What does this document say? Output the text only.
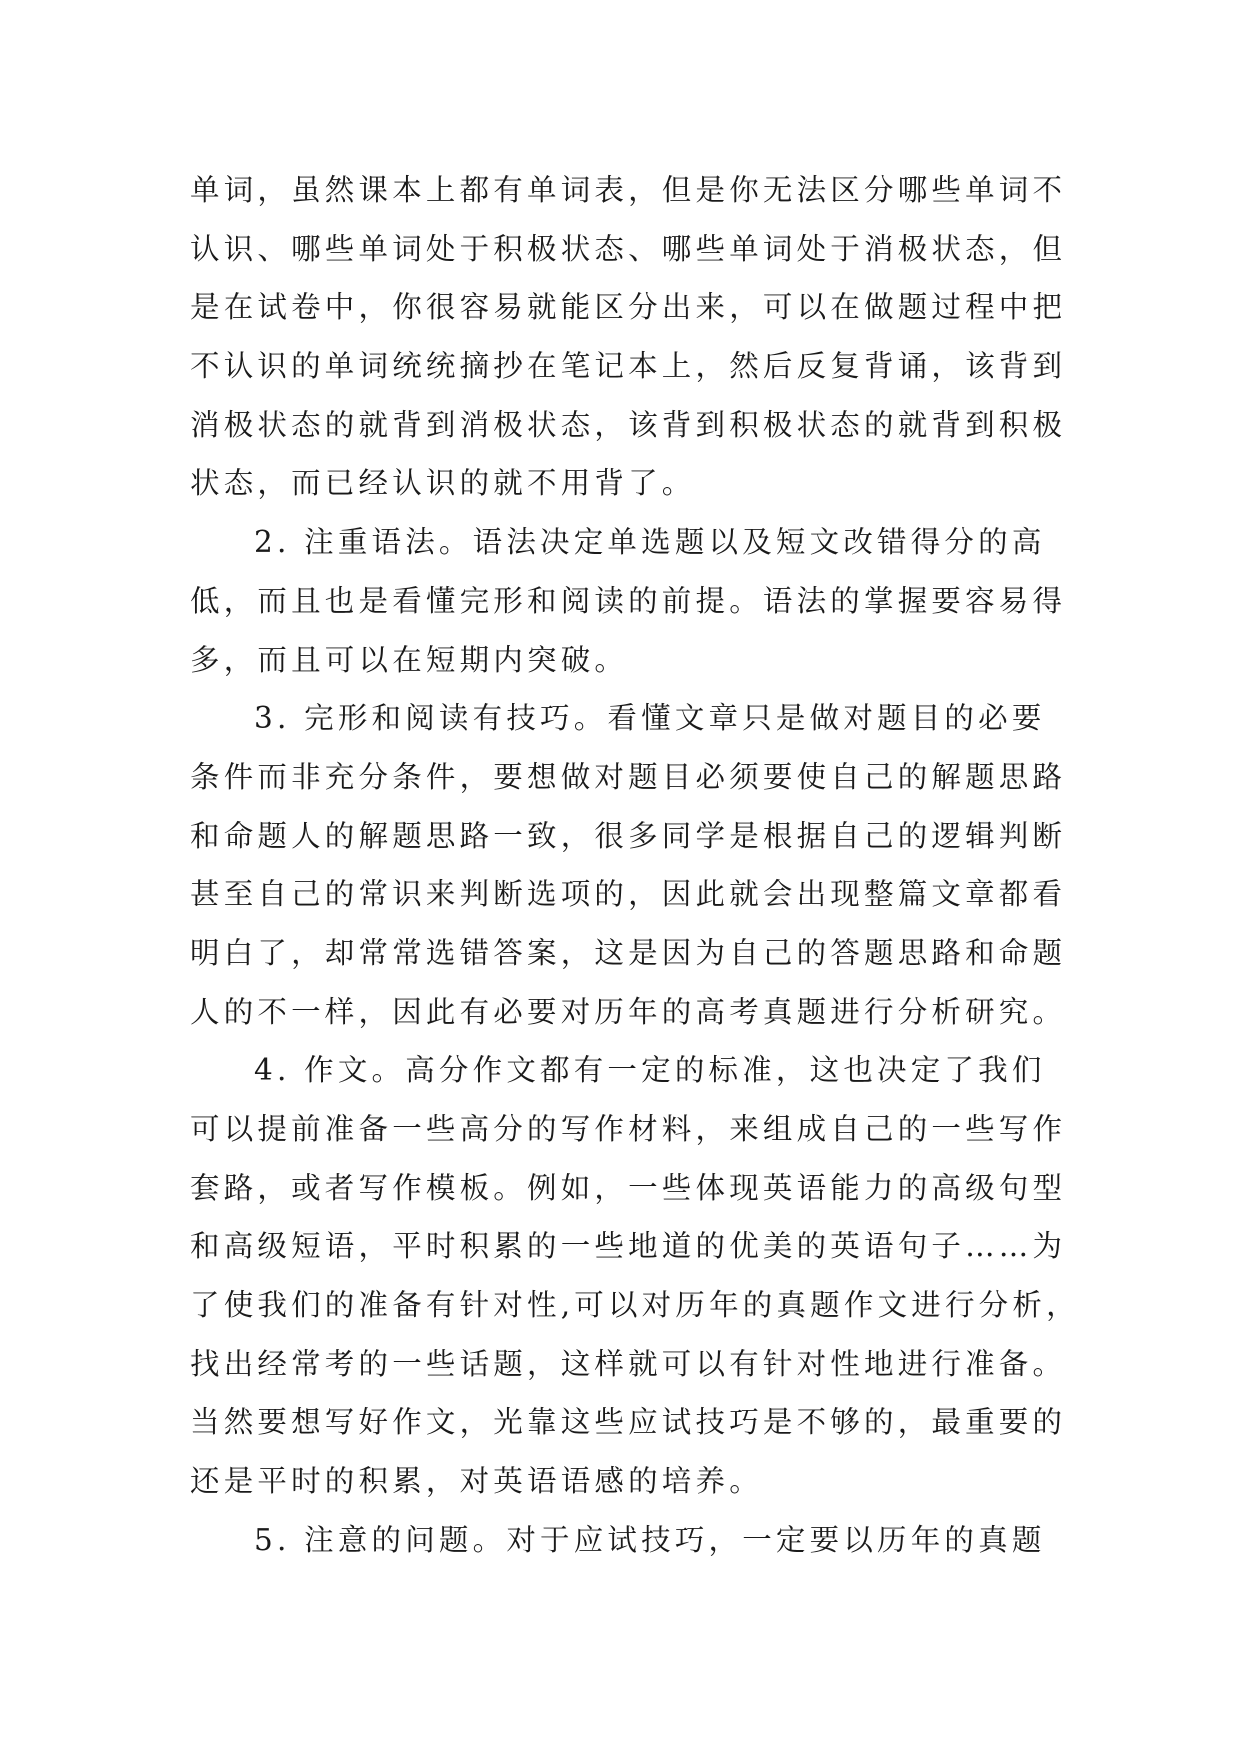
单词，虽然课本上都有单词表，但是你无法区分哪些单词不
认识、哪些单词处于积极状态、哪些单词处于消极状态，但
是在试卷中，你很容易就能区分出来，可以在做题过程中把
不认识的单词统统摘抄在笔记本上，然后反复背诵，该背到
消极状态的就背到消极状态，该背到积极状态的就背到积极
状态，而已经认识的就不用背了。
2. 注重语法。语法决定单选题以及短文改错得分的高
低，而且也是看懂完形和阅读的前提。语法的掌握要容易得
多，而且可以在短期内突破。
3. 完形和阅读有技巧。看懂文章只是做对题目的必要
条件而非充分条件，要想做对题目必须要使自己的解题思路
和命题人的解题思路一致，很多同学是根据自己的逻辑判断
甚至自己的常识来判断选项的，因此就会出现整篇文章都看
明白了，却常常选错答案，这是因为自己的答题思路和命题
人的不一样，因此有必要对历年的高考真题进行分析研究。
4. 作文。高分作文都有一定的标准，这也决定了我们
可以提前准备一些高分的写作材料，来组成自己的一些写作
套路，或者写作模板。例如，一些体现英语能力的高级句型
和高级短语，平时积累的一些地道的优美的英语句子……为
了使我们的准备有针对性,可以对历年的真题作文进行分析，
找出经常考的一些话题，这样就可以有针对性地进行准备。
当然要想写好作文，光靠这些应试技巧是不够的，最重要的
还是平时的积累，对英语语感的培养。
5. 注意的问题。对于应试技巧，一定要以历年的真题
